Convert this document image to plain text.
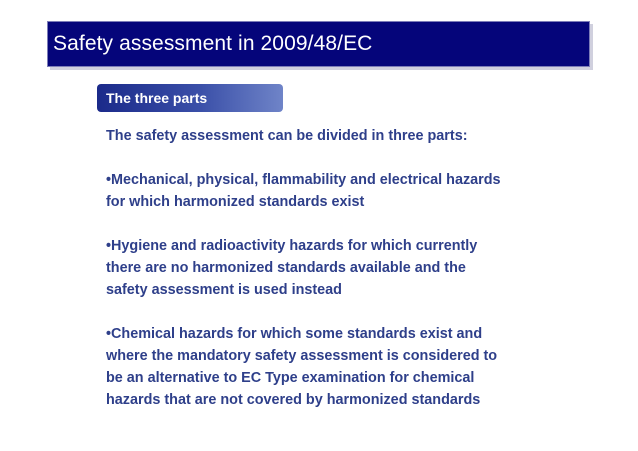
Safety assessment in 2009/48/EC
The three parts

The safety assessment can be divided in three parts:

•Mechanical, physical, flammability and electrical hazards

for which harmonized standards exist

•Hygiene and radioactivity hazards for which currently

there are no harmonized standards available and the

safety assessment is used instead

•Chemical hazards for which some standards exist and

where the mandatory safety assessment is considered to

be an alternative to EC Type examination for chemical

hazards that are not covered by harmonized standards
